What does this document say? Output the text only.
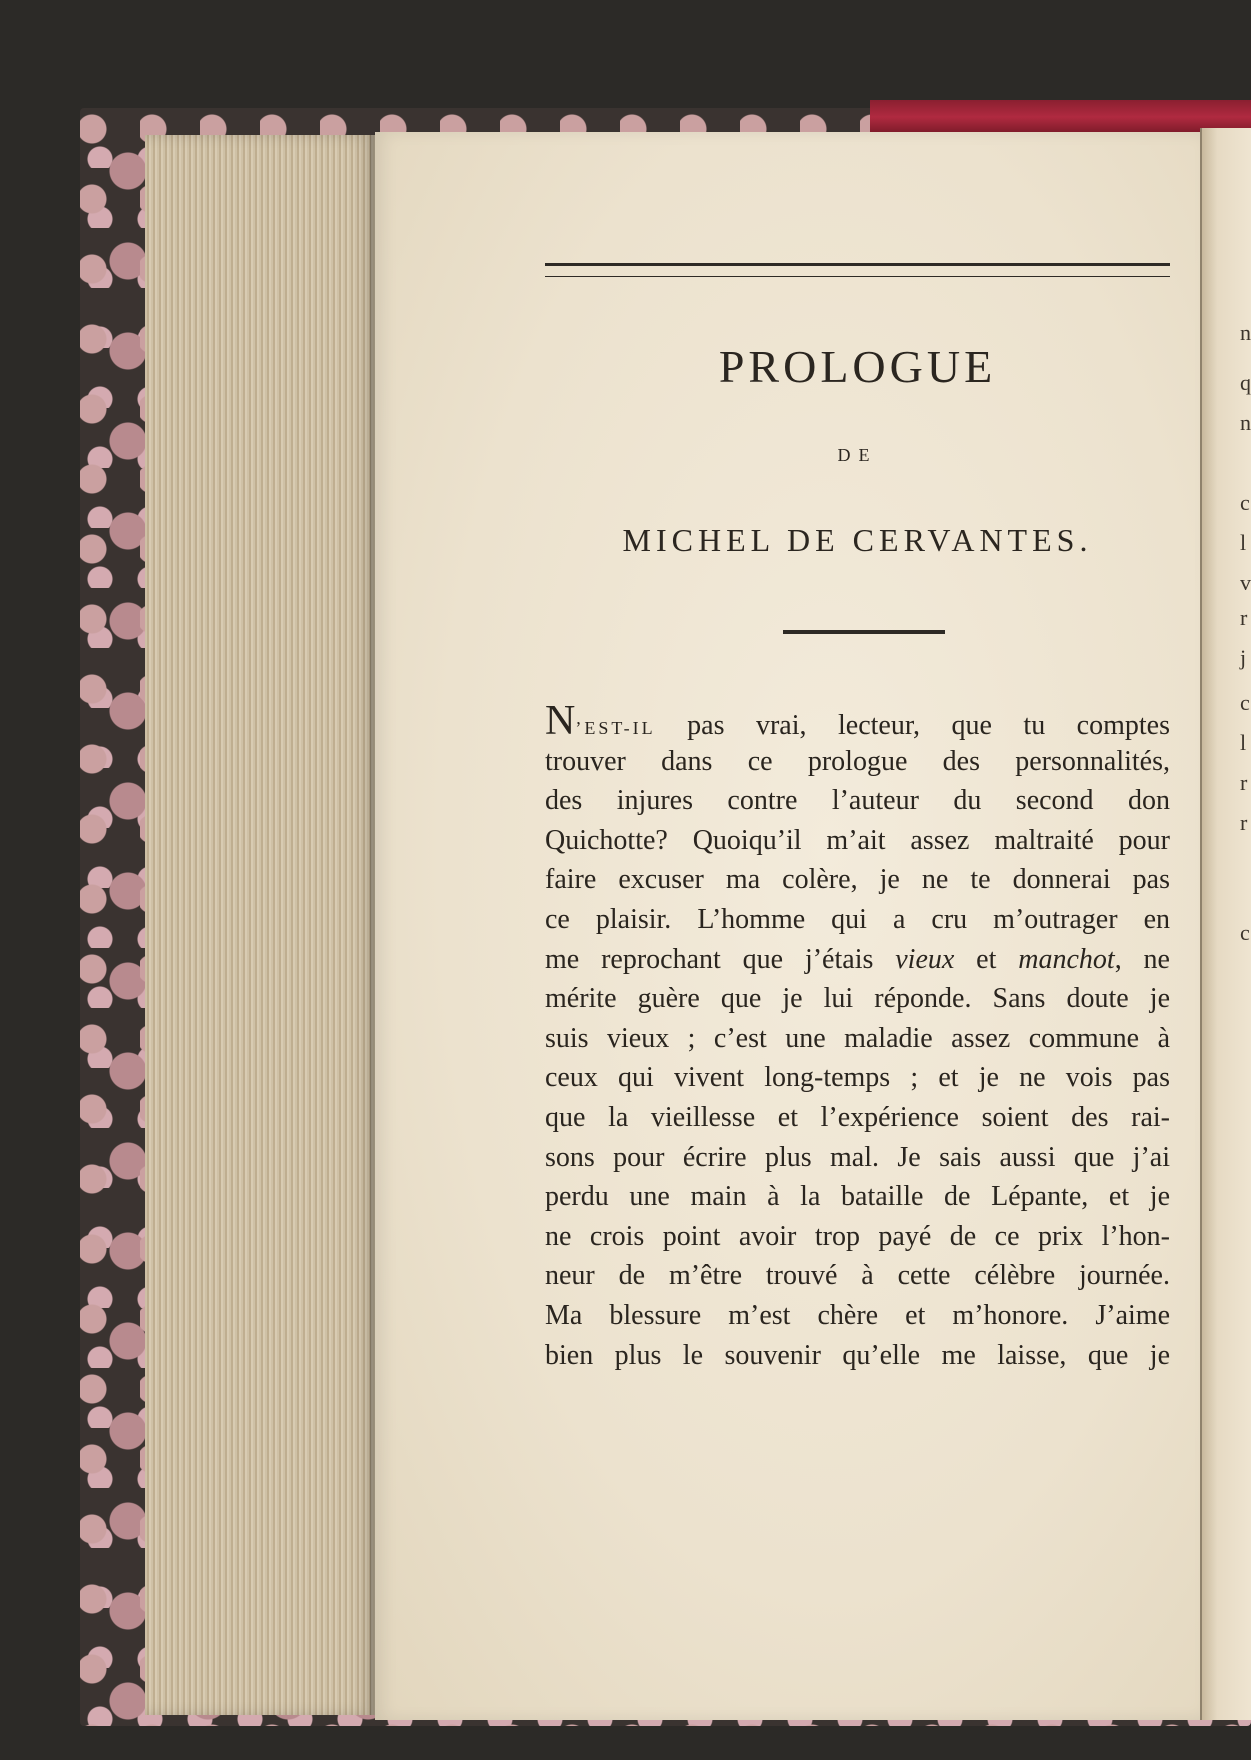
n
q
n
c
l
v
r
j
c
l
r
r
c
PROLOGUE
DE
MICHEL DE CERVANTES.
N’EST-IL pas vrai, lecteur, que tu comptes
trouver dans ce prologue des personnalités,
des injures contre l’auteur du second don
Quichotte? Quoiqu’il m’ait assez maltraité pour
faire excuser ma colère, je ne te donnerai pas
ce plaisir. L’homme qui a cru m’outrager en
me reprochant que j’étais vieux et manchot, ne
mérite guère que je lui réponde. Sans doute je
suis vieux ; c’est une maladie assez commune à
ceux qui vivent long-temps ; et je ne vois pas
que la vieillesse et l’expérience soient des rai-
sons pour écrire plus mal. Je sais aussi que j’ai
perdu une main à la bataille de Lépante, et je
ne crois point avoir trop payé de ce prix l’hon-
neur de m’être trouvé à cette célèbre journée.
Ma blessure m’est chère et m’honore. J’aime
bien plus le souvenir qu’elle me laisse, que je
